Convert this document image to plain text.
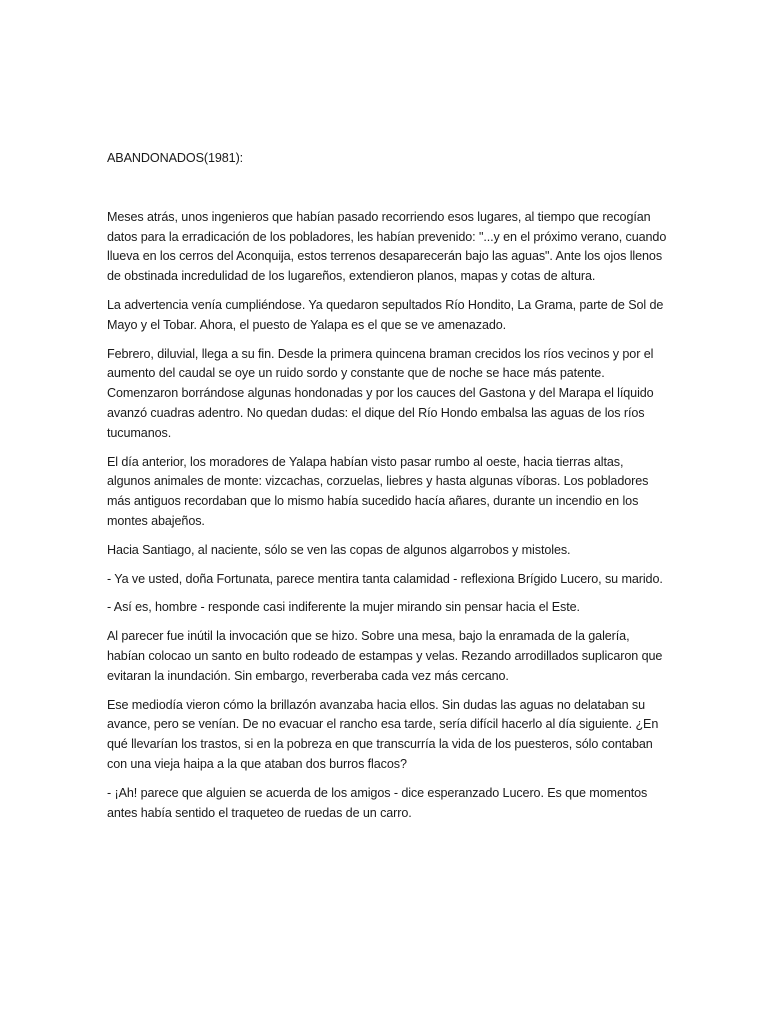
ABANDONADOS(1981):

Meses atrás, unos ingenieros que habían pasado recorriendo esos lugares, al tiempo que recogían datos para la erradicación de los pobladores, les habían prevenido: "...y en el próximo verano, cuando llueva en los cerros del Aconquija, estos terrenos desaparecerán bajo las aguas". Ante los ojos llenos de obstinada incredulidad de los lugareños, extendieron planos, mapas y cotas de altura.

La advertencia venía cumpliéndose. Ya quedaron sepultados Río Hondito, La Grama, parte de Sol de Mayo y el Tobar. Ahora, el puesto de Yalapa es el que se ve amenazado.

Febrero, diluvial, llega a su fin. Desde la primera quincena braman crecidos los ríos vecinos y por el aumento del caudal se oye un ruido sordo y constante que de noche se hace más patente. Comenzaron borrándose algunas hondonadas y por los cauces del Gastona y del Marapa el líquido avanzó cuadras adentro. No quedan dudas: el dique del Río Hondo embalsa las aguas de los ríos tucumanos.

El día anterior, los moradores de Yalapa habían visto pasar rumbo al oeste, hacia tierras altas, algunos animales de monte: vizcachas, corzuelas, liebres y hasta algunas víboras. Los pobladores más antiguos recordaban que lo mismo había sucedido hacía añares, durante un incendio en los montes abajeños.

Hacia Santiago, al naciente, sólo se ven las copas de algunos algarrobos y mistoles.

- Ya ve usted, doña Fortunata, parece mentira tanta calamidad - reflexiona Brígido Lucero, su marido.

- Así es, hombre - responde casi indiferente la mujer mirando sin pensar hacia el Este.

Al parecer fue inútil la invocación que se hizo. Sobre una mesa, bajo la enramada de la galería, habían colocao un santo en bulto rodeado de estampas y velas. Rezando arrodillados suplicaron que evitaran la inundación. Sin embargo, reverberaba cada vez más cercano.

Ese mediodía vieron cómo la brillazón avanzaba hacia ellos. Sin dudas las aguas no delataban su avance, pero se venían. De no evacuar el rancho esa tarde, sería difícil hacerlo al día siguiente. ¿En qué llevarían los trastos, si en la pobreza en que transcurría la vida de los puesteros, sólo contaban con una vieja haipa a la que ataban dos burros flacos?

- ¡Ah! parece que alguien se acuerda de los amigos - dice esperanzado Lucero. Es que momentos antes había sentido el traqueteo de ruedas de un carro.
